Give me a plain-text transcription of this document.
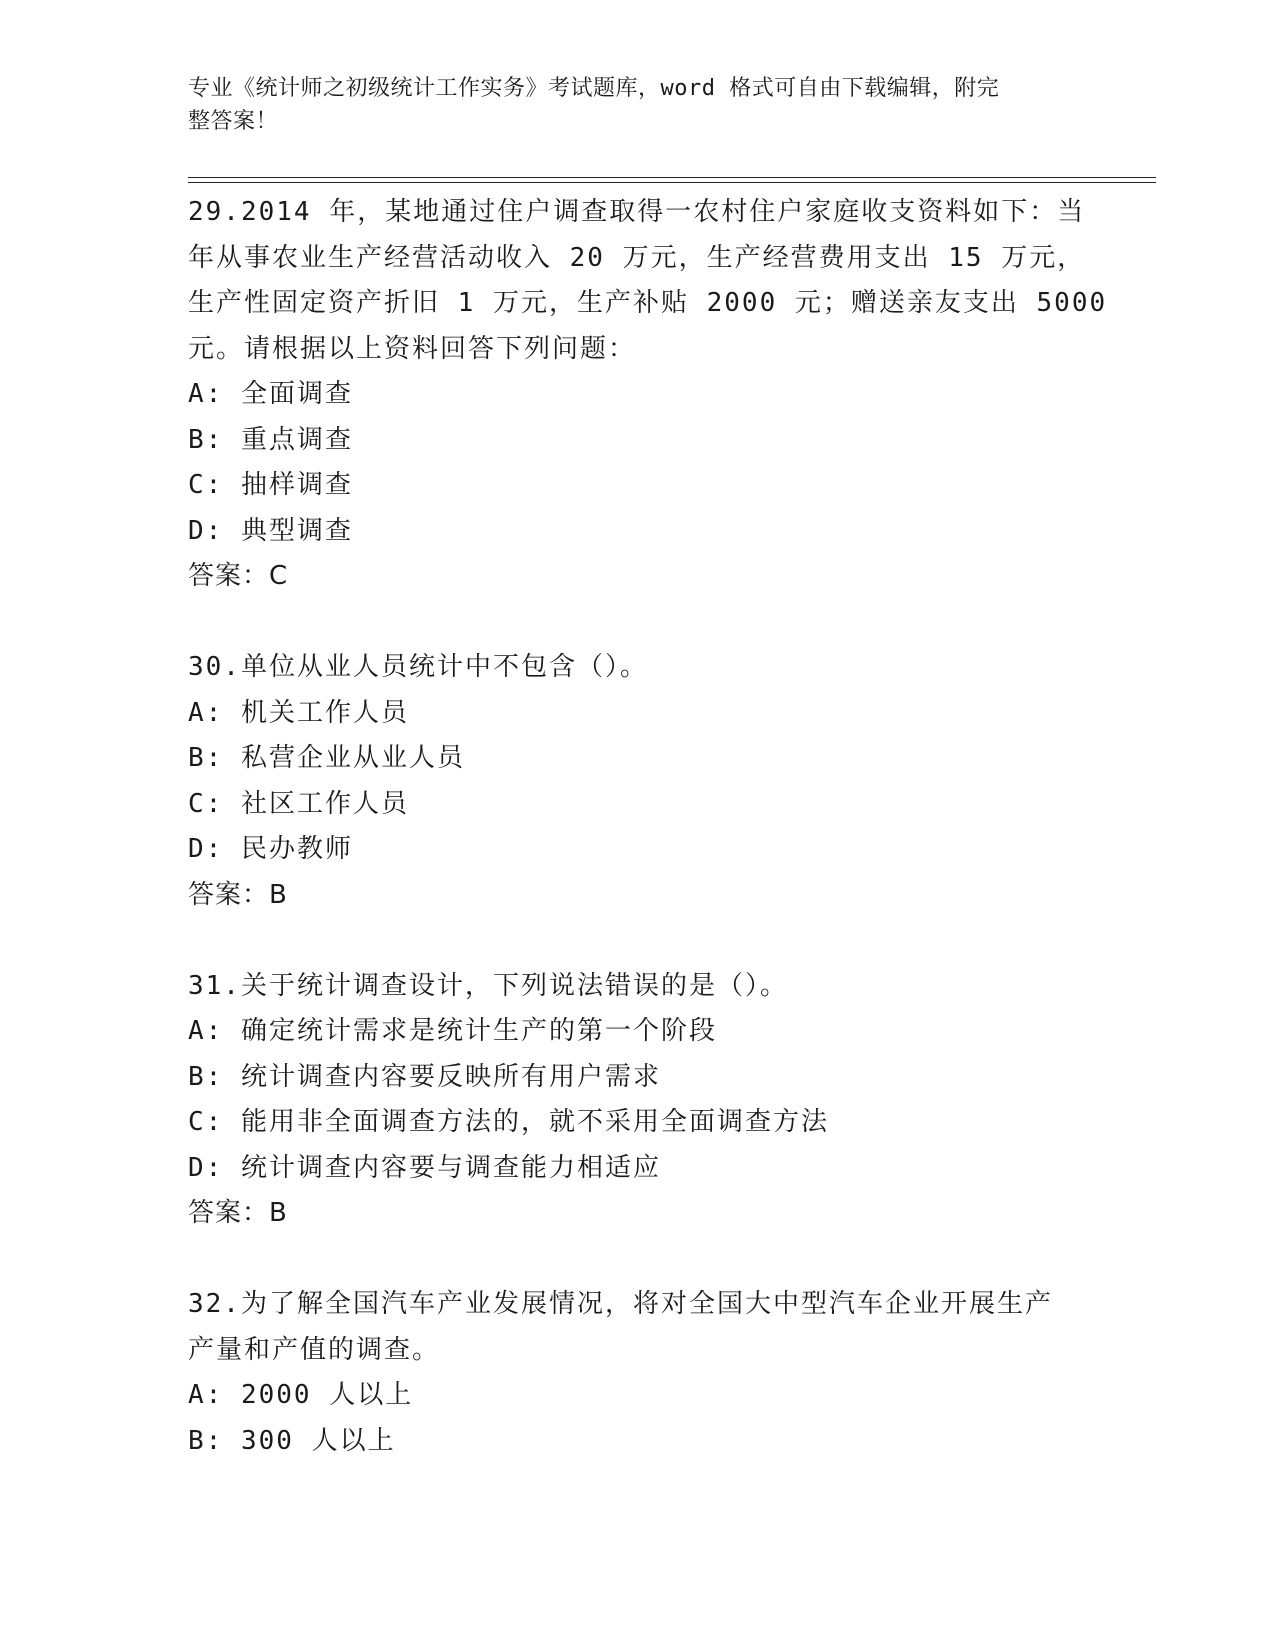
专业《统计师之初级统计工作实务》考试题库，word 格式可自由下载编辑，附完
整答案！
29.2014 年，某地通过住户调查取得一农村住户家庭收支资料如下：当
年从事农业生产经营活动收入 20 万元，生产经营费用支出 15 万元，
生产性固定资产折旧 1 万元，生产补贴 2000 元；赠送亲友支出 5000
元。请根据以上资料回答下列问题：
A: 全面调查
B: 重点调查
C: 抽样调查
D: 典型调查
答案：C
30.单位从业人员统计中不包含（）。
A: 机关工作人员
B: 私营企业从业人员
C: 社区工作人员
D: 民办教师
答案：B
31.关于统计调查设计，下列说法错误的是（）。
A: 确定统计需求是统计生产的第一个阶段
B: 统计调查内容要反映所有用户需求
C: 能用非全面调查方法的，就不采用全面调查方法
D: 统计调查内容要与调查能力相适应
答案：B
32.为了解全国汽车产业发展情况，将对全国大中型汽车企业开展生产
产量和产值的调查。
A: 2000 人以上
B: 300 人以上
